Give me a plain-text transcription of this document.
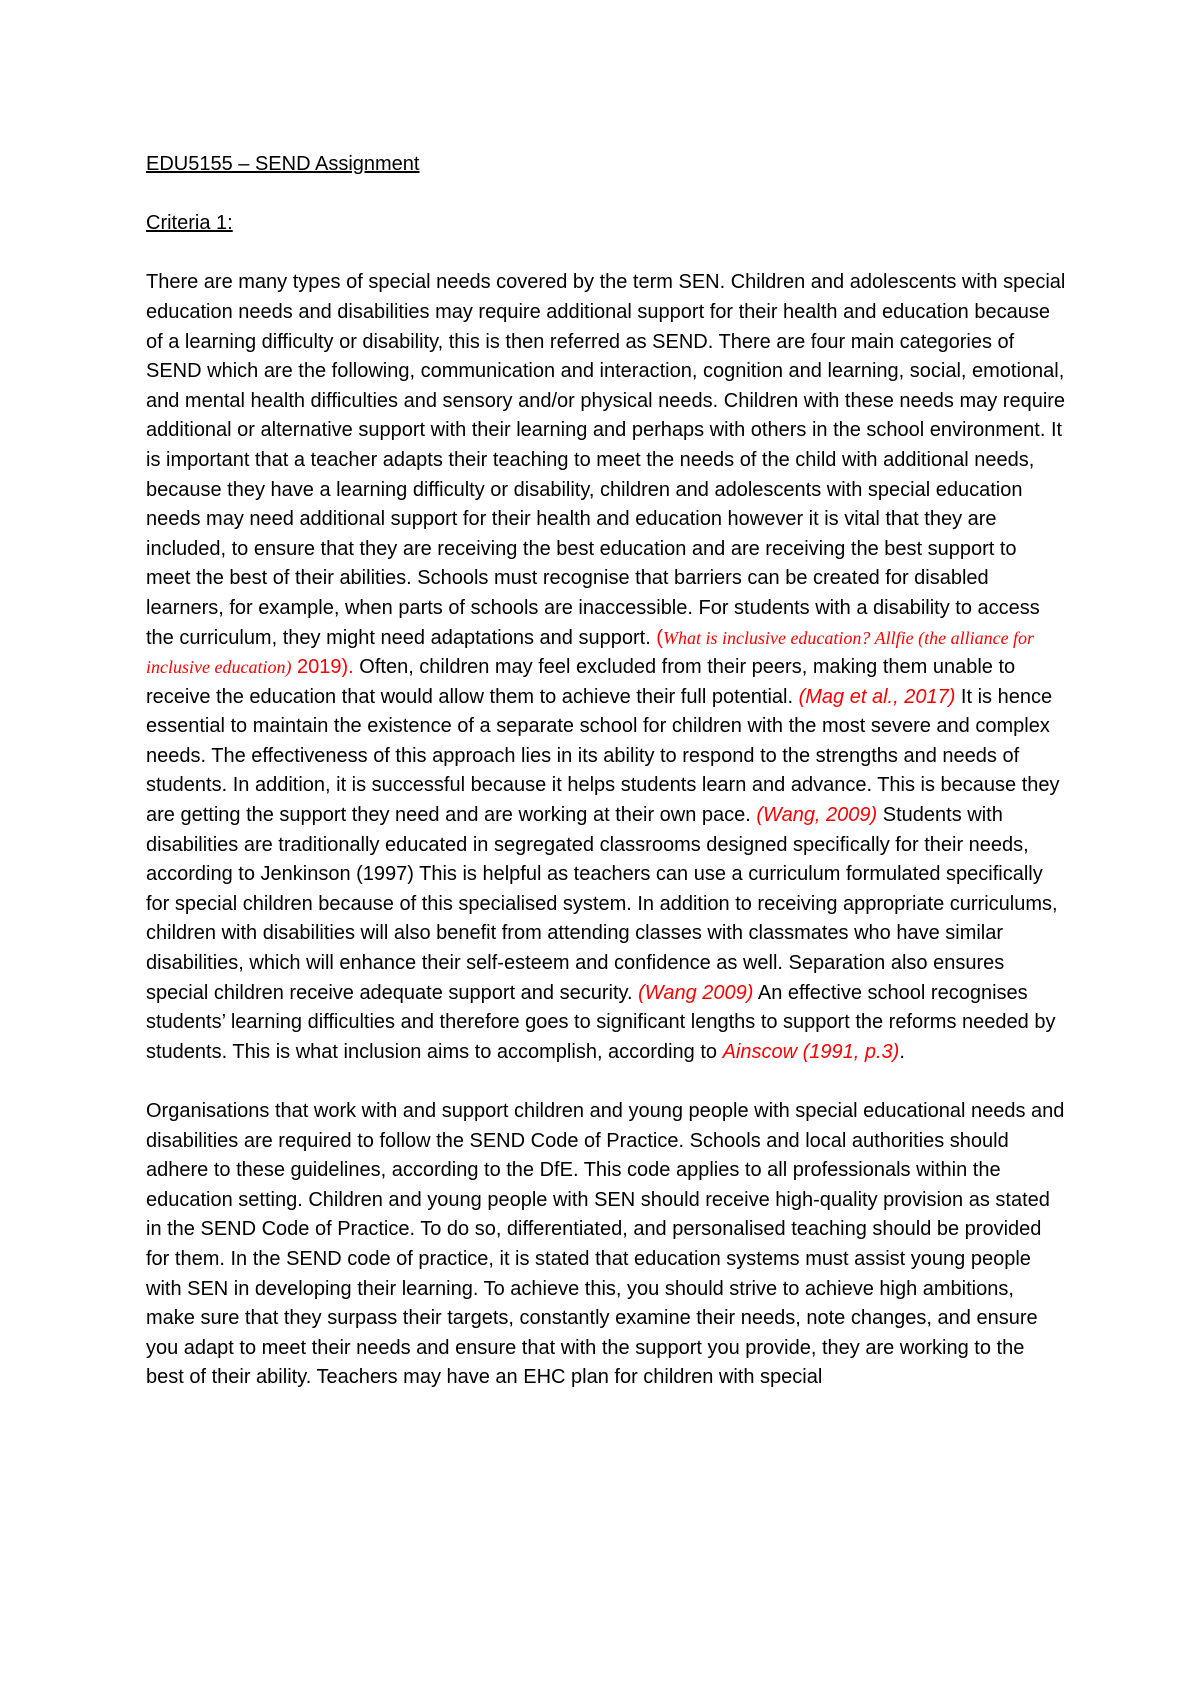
EDU5155 – SEND Assignment
Criteria 1:

There are many types of special needs covered by the term SEN. Children and adolescents with special education needs and disabilities may require additional support for their health and education because of a learning difficulty or disability, this is then referred as SEND. There are four main categories of SEND which are the following, communication and interaction, cognition and learning, social, emotional, and mental health difficulties and sensory and/or physical needs. Children with these needs may require additional or alternative support with their learning and perhaps with others in the school environment. It is important that a teacher adapts their teaching to meet the needs of the child with additional needs, because they have a learning difficulty or disability, children and adolescents with special education needs may need additional support for their health and education however it is vital that they are included, to ensure that they are receiving the best education and are receiving the best support to meet the best of their abilities. Schools must recognise that barriers can be created for disabled learners, for example, when parts of schools are inaccessible. For students with a disability to access the curriculum, they might need adaptations and support. (What is inclusive education? Allfie (the alliance for inclusive education) 2019). Often, children may feel excluded from their peers, making them unable to receive the education that would allow them to achieve their full potential. (Mag et al., 2017) It is hence essential to maintain the existence of a separate school for children with the most severe and complex needs. The effectiveness of this approach lies in its ability to respond to the strengths and needs of students. In addition, it is successful because it helps students learn and advance. This is because they are getting the support they need and are working at their own pace. (Wang, 2009) Students with disabilities are traditionally educated in segregated classrooms designed specifically for their needs, according to Jenkinson (1997) This is helpful as teachers can use a curriculum formulated specifically for special children because of this specialised system. In addition to receiving appropriate curriculums, children with disabilities will also benefit from attending classes with classmates who have similar disabilities, which will enhance their self-esteem and confidence as well. Separation also ensures special children receive adequate support and security. (Wang 2009) An effective school recognises students’ learning difficulties and therefore goes to significant lengths to support the reforms needed by students. This is what inclusion aims to accomplish, according to Ainscow (1991, p.3).

Organisations that work with and support children and young people with special educational needs and disabilities are required to follow the SEND Code of Practice. Schools and local authorities should adhere to these guidelines, according to the DfE. This code applies to all professionals within the education setting. Children and young people with SEN should receive high-quality provision as stated in the SEND Code of Practice. To do so, differentiated, and personalised teaching should be provided for them. In the SEND code of practice, it is stated that education systems must assist young people with SEN in developing their learning. To achieve this, you should strive to achieve high ambitions, make sure that they surpass their targets, constantly examine their needs, note changes, and ensure you adapt to meet their needs and ensure that with the support you provide, they are working to the best of their ability. Teachers may have an EHC plan for children with special
